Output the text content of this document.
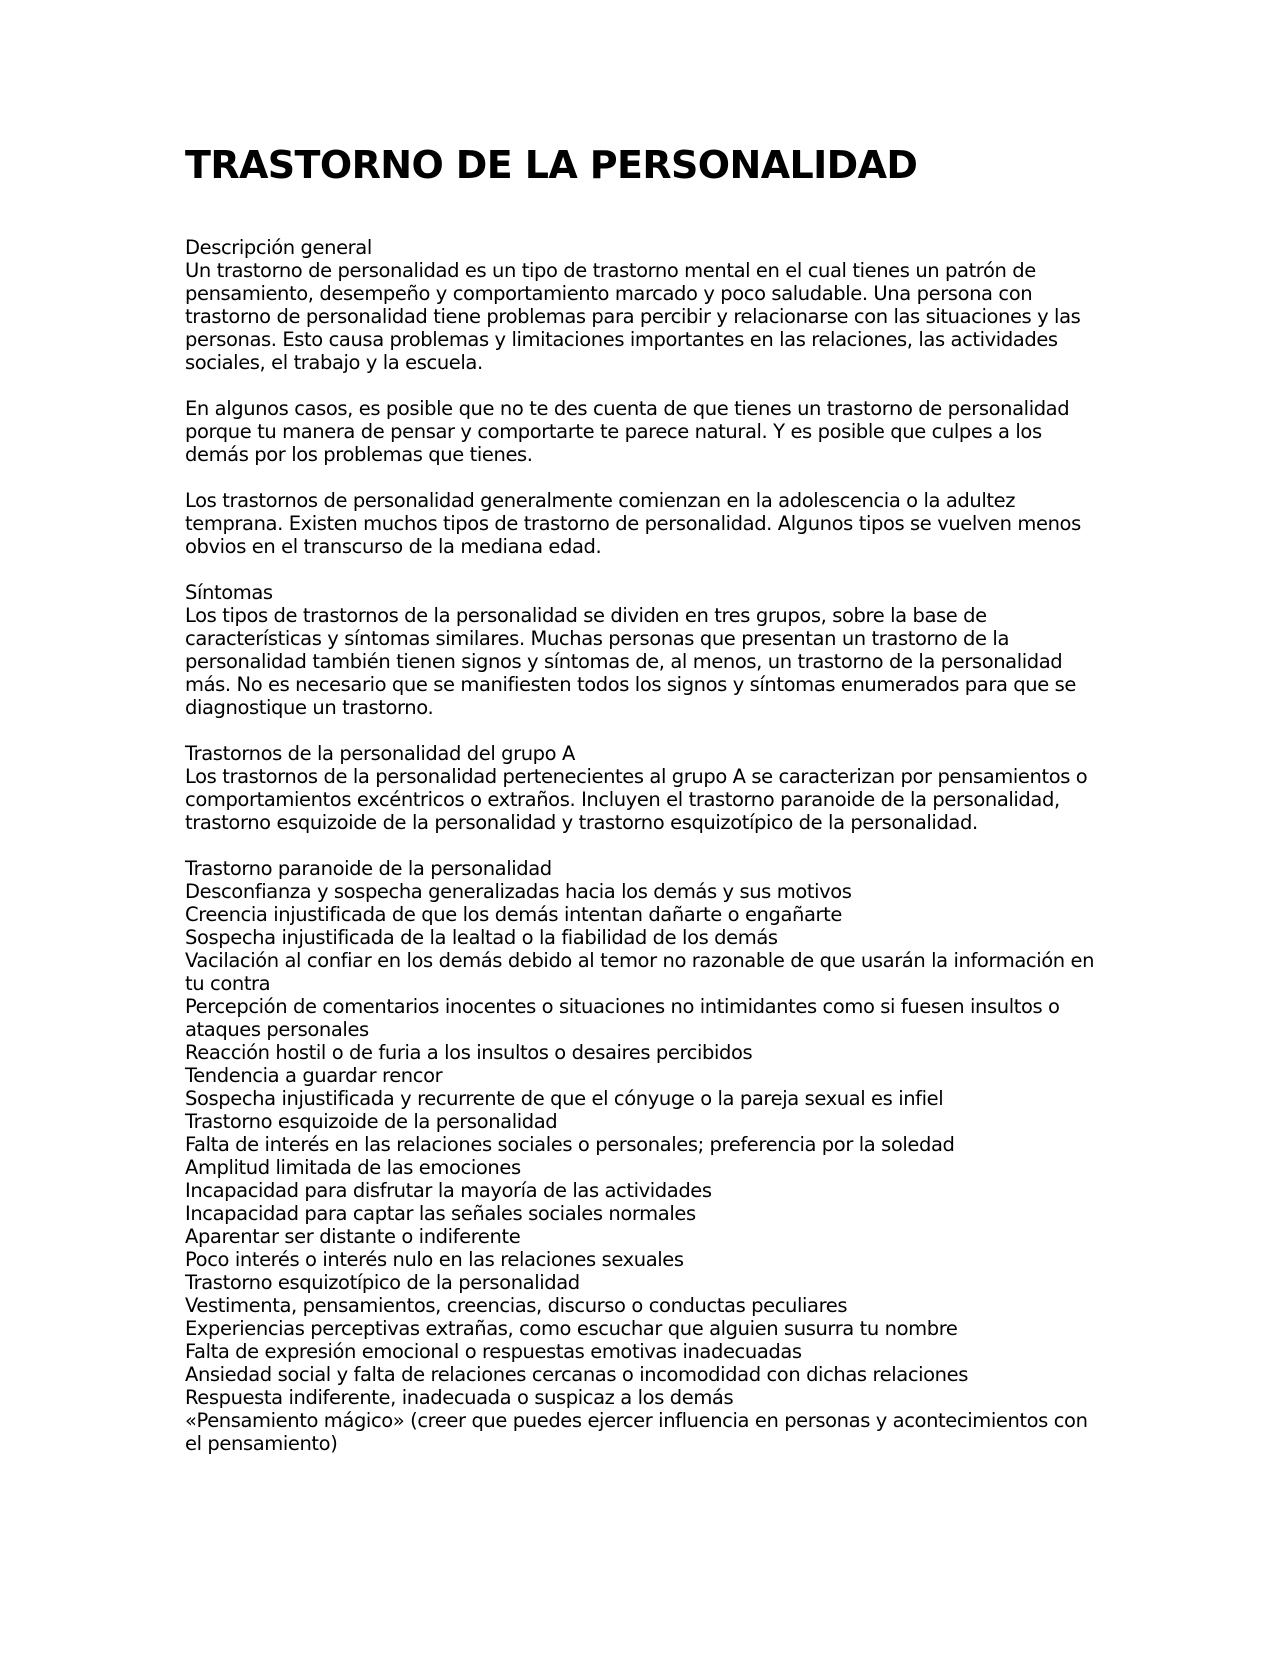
TRASTORNO DE LA PERSONALIDAD
Descripción general
Un trastorno de personalidad es un tipo de trastorno mental en el cual tienes un patrón de
pensamiento, desempeño y comportamiento marcado y poco saludable. Una persona con
trastorno de personalidad tiene problemas para percibir y relacionarse con las situaciones y las
personas. Esto causa problemas y limitaciones importantes en las relaciones, las actividades
sociales, el trabajo y la escuela.
En algunos casos, es posible que no te des cuenta de que tienes un trastorno de personalidad
porque tu manera de pensar y comportarte te parece natural. Y es posible que culpes a los
demás por los problemas que tienes.
Los trastornos de personalidad generalmente comienzan en la adolescencia o la adultez
temprana. Existen muchos tipos de trastorno de personalidad. Algunos tipos se vuelven menos
obvios en el transcurso de la mediana edad.
Síntomas
Los tipos de trastornos de la personalidad se dividen en tres grupos, sobre la base de
características y síntomas similares. Muchas personas que presentan un trastorno de la
personalidad también tienen signos y síntomas de, al menos, un trastorno de la personalidad
más. No es necesario que se manifiesten todos los signos y síntomas enumerados para que se
diagnostique un trastorno.
Trastornos de la personalidad del grupo A
Los trastornos de la personalidad pertenecientes al grupo A se caracterizan por pensamientos o
comportamientos excéntricos o extraños. Incluyen el trastorno paranoide de la personalidad,
trastorno esquizoide de la personalidad y trastorno esquizotípico de la personalidad.
Trastorno paranoide de la personalidad
Desconfianza y sospecha generalizadas hacia los demás y sus motivos
Creencia injustificada de que los demás intentan dañarte o engañarte
Sospecha injustificada de la lealtad o la fiabilidad de los demás
Vacilación al confiar en los demás debido al temor no razonable de que usarán la información en
tu contra
Percepción de comentarios inocentes o situaciones no intimidantes como si fuesen insultos o
ataques personales
Reacción hostil o de furia a los insultos o desaires percibidos
Tendencia a guardar rencor
Sospecha injustificada y recurrente de que el cónyuge o la pareja sexual es infiel
Trastorno esquizoide de la personalidad
Falta de interés en las relaciones sociales o personales; preferencia por la soledad
Amplitud limitada de las emociones
Incapacidad para disfrutar la mayoría de las actividades
Incapacidad para captar las señales sociales normales
Aparentar ser distante o indiferente
Poco interés o interés nulo en las relaciones sexuales
Trastorno esquizotípico de la personalidad
Vestimenta, pensamientos, creencias, discurso o conductas peculiares
Experiencias perceptivas extrañas, como escuchar que alguien susurra tu nombre
Falta de expresión emocional o respuestas emotivas inadecuadas
Ansiedad social y falta de relaciones cercanas o incomodidad con dichas relaciones
Respuesta indiferente, inadecuada o suspicaz a los demás
«Pensamiento mágico» (creer que puedes ejercer influencia en personas y acontecimientos con
el pensamiento)
